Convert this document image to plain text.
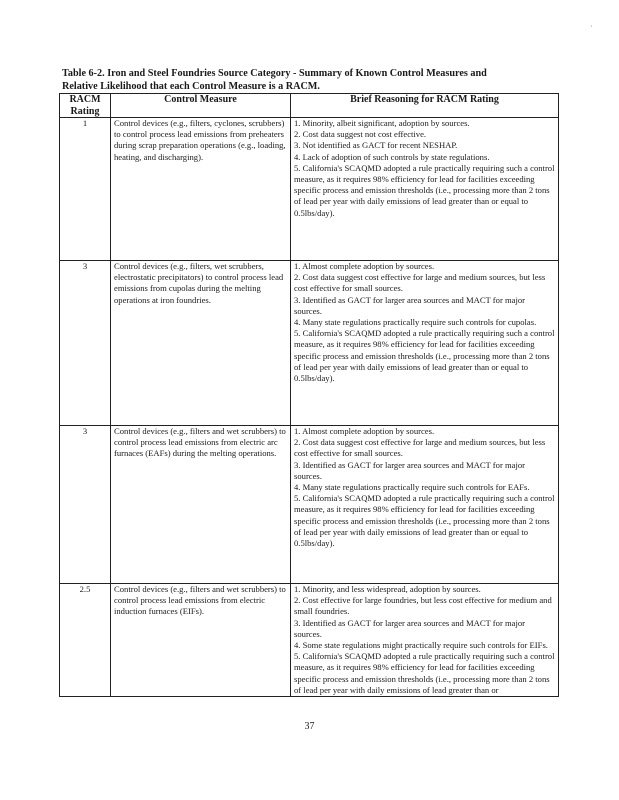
·
Table 6-2. Iron and Steel Foundries Source Category - Summary of Known Control Measures and
Relative Likelihood that each Control Measure is a RACM.
RACM
Rating	Control Measure	Brief Reasoning for RACM Rating
1	Control devices (e.g., filters, cyclones, scrubbers) to control process lead emissions from preheaters during scrap preparation operations (e.g., loading, heating, and discharging).	1. Minority, albeit significant, adoption by sources.
2. Cost data suggest not cost effective.
3. Not identified as GACT for recent NESHAP.
4. Lack of adoption of such controls by state regulations.
5. California's SCAQMD adopted a rule practically requiring such a control measure, as it requires 98% efficiency for lead for facilities exceeding specific process and emission thresholds (i.e., processing more than 2 tons of lead per year with daily emissions of lead greater than or equal to 0.5lbs/day).

3	Control devices (e.g., filters, wet scrubbers, electrostatic precipitators) to control process lead emissions from cupolas during the melting operations at iron foundries.	1. Almost complete adoption by sources.
2. Cost data suggest cost effective for large and medium sources, but less cost effective for small sources.
3. Identified as GACT for larger area sources and MACT for major sources.
4. Many state regulations practically require such controls for cupolas.
5. California's SCAQMD adopted a rule practically requiring such a control measure, as it requires 98% efficiency for lead for facilities exceeding specific process and emission thresholds (i.e., processing more than 2 tons of lead per year with daily emissions of lead greater than or equal to 0.5lbs/day).

3	Control devices (e.g., filters and wet scrubbers) to control process lead emissions from electric arc furnaces (EAFs) during the melting operations.	1. Almost complete adoption by sources.
2. Cost data suggest cost effective for large and medium sources, but less cost effective for small sources.
3. Identified as GACT for larger area sources and MACT for major sources.
4. Many state regulations practically require such controls for EAFs.
5. California's SCAQMD adopted a rule practically requiring such a control measure, as it requires 98% efficiency for lead for facilities exceeding specific process and emission thresholds (i.e., processing more than 2 tons of lead per year with daily emissions of lead greater than or equal to 0.5lbs/day).

2.5	Control devices (e.g., filters and wet scrubbers) to control process lead emissions from electric induction furnaces (EIFs).	1. Minority, and less widespread, adoption by sources.
2. Cost effective for large foundries, but less cost effective for medium and small foundries.
3. Identified as GACT for larger area sources and MACT for major sources.
4. Some state regulations might practically require such controls for EIFs.
5. California's SCAQMD adopted a rule practically requiring such a control measure, as it requires 98% efficiency for lead for facilities exceeding specific process and emission thresholds (i.e., processing more than 2 tons of lead per year with daily emissions of lead greater than or
37
